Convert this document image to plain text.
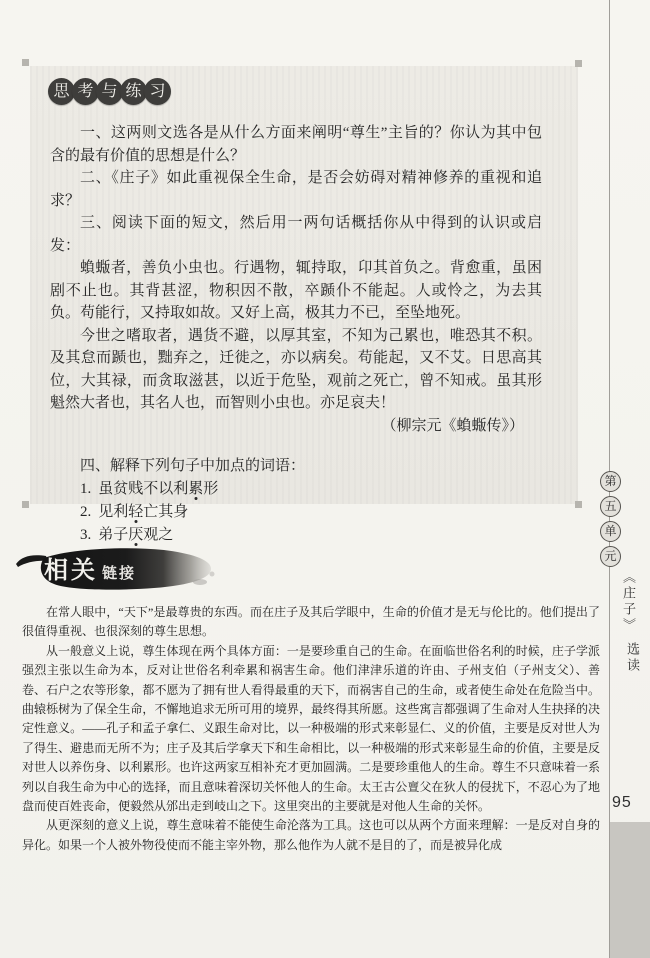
思 考 与 练 习

一、这两则文选各是从什么方面来阐明“尊生”主旨的？你认为其中包含的最有价值的思想是什么？

二、《庄子》如此重视保全生命，是否会妨碍对精神修养的重视和追求？

三、阅读下面的短文，然后用一两句话概括你从中得到的认识或启发：

蝜蝂者，善负小虫也。行遇物，辄持取，卬其首负之。背愈重，虽困剧不止也。其背甚涩，物积因不散，卒踬仆不能起。人或怜之，为去其负。苟能行，又持取如故。又好上高，极其力不已，至坠地死。

今世之嗜取者，遇货不避，以厚其室，不知为己累也，唯恐其不积。及其怠而踬也，黜弃之，迁徙之，亦以病矣。苟能起，又不艾。日思高其位，大其禄，而贪取滋甚，以近于危坠，观前之死亡，曾不知戒。虽其形魁然大者也，其名人也，而智则小虫也。亦足哀夫！

（柳宗元《蝜蝂传》）

四、解释下列句子中加点的词语：

1. 虽贫贱不以利累形

2. 见利轻亡其身

3. 弟子厌观之

相关 链接

在常人眼中，“天下”是最尊贵的东西。而在庄子及其后学眼中，生命的价值才是无与伦比的。他们提出了很值得重视、也很深刻的尊生思想。

从一般意义上说，尊生体现在两个具体方面：一是要珍重自己的生命。在面临世俗名利的时候，庄子学派强烈主张以生命为本，反对让世俗名利牵累和祸害生命。他们津津乐道的许由、子州支伯（子州支父）、善卷、石户之农等形象，都不愿为了拥有世人看得最重的天下，而祸害自己的生命，或者使生命处在危险当中。曲辕栎树为了保全生命，不懈地追求无所可用的境界，最终得其所愿。这些寓言都强调了生命对人生抉择的决定性意义。——孔子和孟子拿仁、义跟生命对比，以一种极端的形式来彰显仁、义的价值，主要是反对世人为了得生、避患而无所不为；庄子及其后学拿天下和生命相比，以一种极端的形式来彰显生命的价值，主要是反对世人以养伤身、以利累形。也许这两家互相补充才更加圆满。二是要珍重他人的生命。尊生不只意味着一系列以自我生命为中心的选择，而且意味着深切关怀他人的生命。太王古公亶父在狄人的侵扰下，不忍心为了地盘而使百姓丧命，便毅然从邠出走到岐山之下。这里突出的主要就是对他人生命的关怀。

从更深刻的意义上说，尊生意味着不能使生命沦落为工具。这也可以从两个方面来理解：一是反对自身的异化。如果一个人被外物役使而不能主宰外物，那么他作为人就不是目的了，而是被异化成

第
五
单
元
《庄子》选读
95
